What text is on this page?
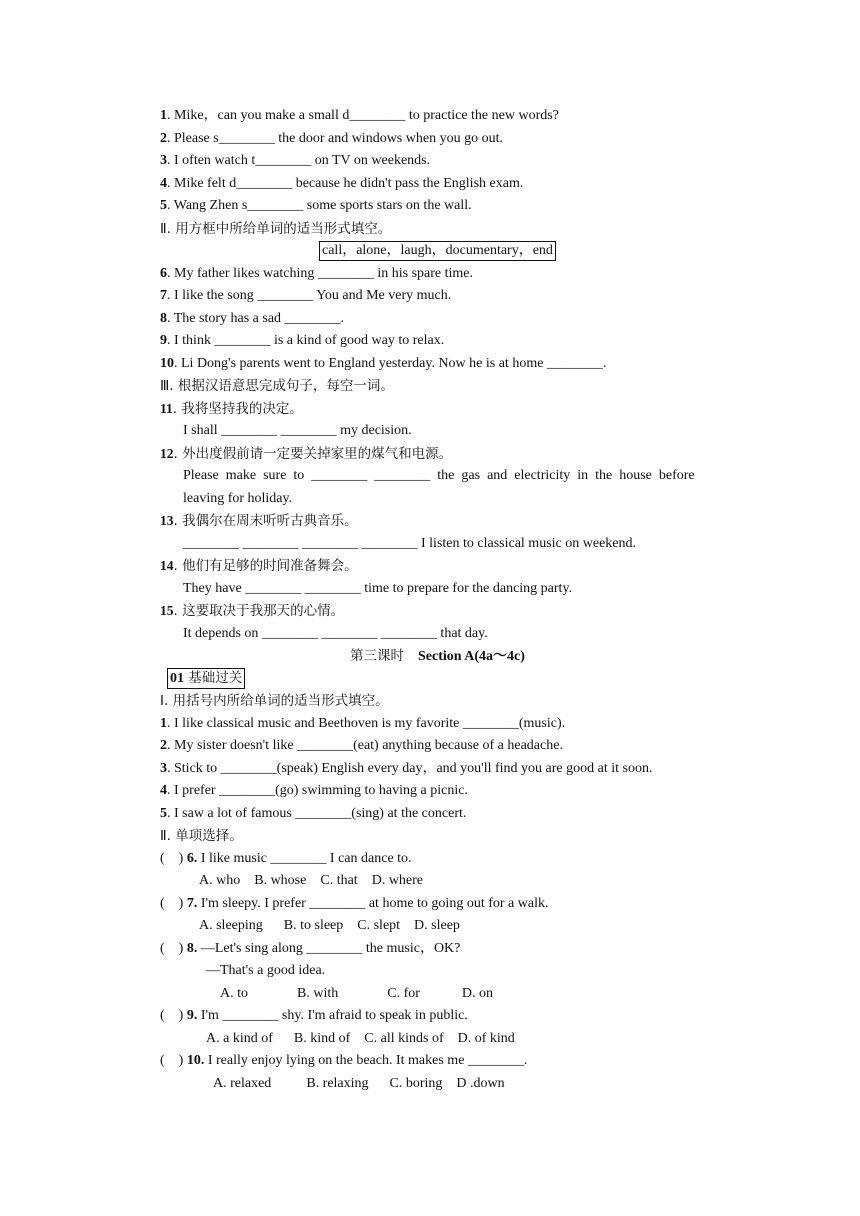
1. Mike，can you make a small d________ to practice the new words?
2. Please s________ the door and windows when you go out.
3. I often watch t________ on TV on weekends.
4. Mike felt d________ because he didn't pass the English exam.
5. Wang Zhen s________ some sports stars on the wall.
Ⅱ. 用方框中所给单词的适当形式填空。
call，alone，laugh，documentary，end
6. My father likes watching ________ in his spare time.
7. I like the song ________ You and Me very much.
8. The story has a sad ________.
9. I think ________ is a kind of good way to relax.
10. Li Dong's parents went to England yesterday. Now he is at home ________.
Ⅲ. 根据汉语意思完成句子，每空一词。
11. 我将坚持我的决定。
I shall ________ ________ my decision.
12. 外出度假前请一定要关掉家里的煤气和电源。
Please  make  sure  to  ________  ________  the  gas  and  electricity  in  the  house  before
leaving for holiday.
13. 我偶尔在周末听听古典音乐。
________ ________ ________ ________ I listen to classical music on weekend.
14. 他们有足够的时间准备舞会。
They have ________ ________ time to prepare for the dancing party.
15. 这要取决于我那天的心情。
It depends on ________ ________ ________ that day.
第三课时 Section A(4a～4c)
01 基础过关
Ⅰ. 用括号内所给单词的适当形式填空。
1. I like classical music and Beethoven is my favorite ________(music).
2. My sister doesn't like ________(eat) anything because of a headache.
3. Stick to ________(speak) English every day，and you'll find you are good at it soon.
4. I prefer ________(go) swimming to having a picnic.
5. I saw a lot of famous ________(sing) at the concert.
Ⅱ. 单项选择。
(    ) 6. I like music ________ I can dance to.
A. who B. whose C. that D. where
(    ) 7. I'm sleepy. I prefer ________ at home to going out for a walk.
A. sleeping B. to sleep C. slept D. sleep
(    ) 8. —Let's sing along ________ the music，OK?
—That's a good idea.
A. to	B. with	C. for	D. on
(    ) 9. I'm ________ shy. I'm afraid to speak in public.
A. a kind of B. kind of C. all kinds of D. of kind
(    ) 10. I really enjoy lying on the beach. It makes me ________.
A. relaxed	B. relaxing C. boring D .down
